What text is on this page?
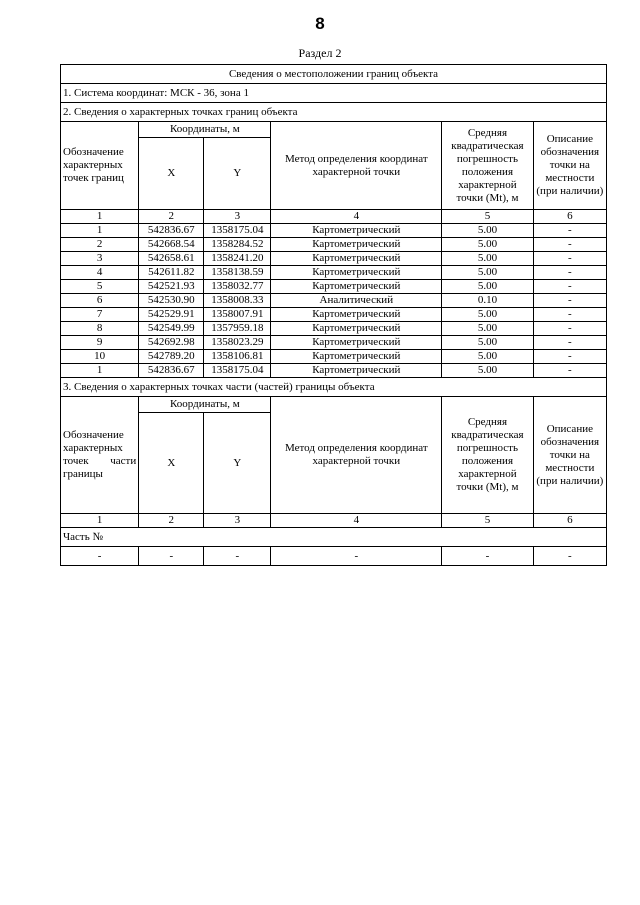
8
Раздел 2
Сведения о местоположении границ объекта					
1. Система координат: МСК - 36, зона 1					
2. Сведения о характерных точках границ объекта					
Обозначение характерных точек границ	Координаты, м		Метод определения координат характерной точки	Средняя квадратическая погрешность положения характерной точки (Mt), м	Описание обозначения точки на местности (при наличии)
	X	Y			
1	2	3	4	5	6
1	542836.67	1358175.04	Картометрический	5.00	-
2	542668.54	1358284.52	Картометрический	5.00	-
3	542658.61	1358241.20	Картометрический	5.00	-
4	542611.82	1358138.59	Картометрический	5.00	-
5	542521.93	1358032.77	Картометрический	5.00	-
6	542530.90	1358008.33	Аналитический	0.10	-
7	542529.91	1358007.91	Картометрический	5.00	-
8	542549.99	1357959.18	Картометрический	5.00	-
9	542692.98	1358023.29	Картометрический	5.00	-
10	542789.20	1358106.81	Картометрический	5.00	-
1	542836.67	1358175.04	Картометрический	5.00	-
3. Сведения о характерных точках части (частей) границы объекта					

Обозначение
характерных
точек части
границы	Координаты, м		Метод определения координат характерной точки	Средняя квадратическая погрешность положения характерной точки (Mt), м	Описание обозначения точки на местности (при наличии)
	X	Y			
1	2	3	4	5	6
Часть №					
-	-	-	-	-	-
